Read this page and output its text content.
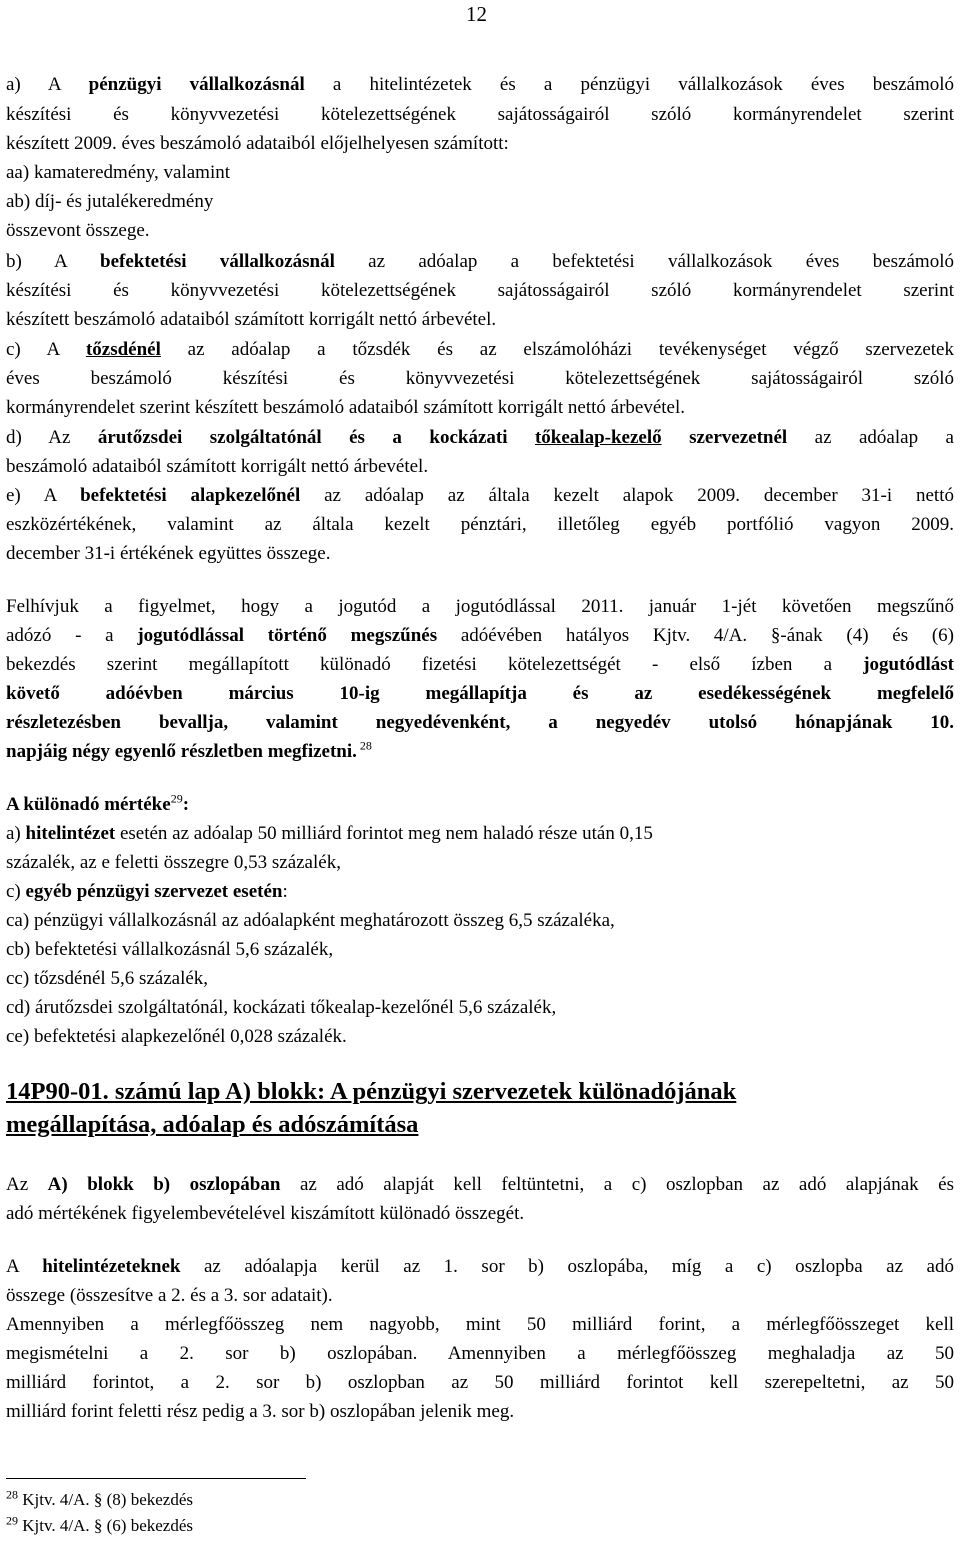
12
a) A pénzügyi vállalkozásnál a hitelintézetek és a pénzügyi vállalkozások éves beszámoló
készítési és könyvvezetési kötelezettségének sajátosságairól szóló kormányrendelet szerint
készített 2009. éves beszámoló adataiból előjelhelyesen számított:
aa) kamateredmény, valamint
ab) díj- és jutalékeredmény
összevont összege.
b) A befektetési vállalkozásnál az adóalap a befektetési vállalkozások éves beszámoló
készítési és könyvvezetési kötelezettségének sajátosságairól szóló kormányrendelet szerint
készített beszámoló adataiból számított korrigált nettó árbevétel.
c) A tőzsdénél az adóalap a tőzsdék és az elszámolóházi tevékenységet végző szervezetek
éves beszámoló készítési és könyvvezetési kötelezettségének sajátosságairól szóló
kormányrendelet szerint készített beszámoló adataiból számított korrigált nettó árbevétel.
d) Az árutőzsdei szolgáltatónál és a kockázati tőkealap-kezelő szervezetnél az adóalap a
beszámoló adataiból számított korrigált nettó árbevétel.
e) A befektetési alapkezelőnél az adóalap az általa kezelt alapok 2009. december 31-i nettó
eszközértékének, valamint az általa kezelt pénztári, illetőleg egyéb portfólió vagyon 2009.
december 31-i értékének együttes összege.
Felhívjuk a figyelmet, hogy a jogutód a jogutódlással 2011. január 1-jét követően megszűnő
adózó - a jogutódlással történő megszűnés adóévében hatályos Kjtv. 4/A. §-ának (4) és (6)
bekezdés szerint megállapított különadó fizetési kötelezettségét - első ízben a jogutódlást
követő adóévben március 10-ig megállapítja és az esedékességének megfelelő
részletezésben bevallja, valamint negyedévenként, a negyedév utolsó hónapjának 10.
napjáig négy egyenlő részletben megfizetni. $^{28}$
A különadó mértéke$^{29}$:
a) hitelintézet esetén az adóalap 50 milliárd forintot meg nem haladó része után 0,15
százalék, az e feletti összegre 0,53 százalék,
c) egyéb pénzügyi szervezet esetén:
ca) pénzügyi vállalkozásnál az adóalapként meghatározott összeg 6,5 százaléka,
cb) befektetési vállalkozásnál 5,6 százalék,
cc) tőzsdénél 5,6 százalék,
cd) árutőzsdei szolgáltatónál, kockázati tőkealap-kezelőnél 5,6 százalék,
ce) befektetési alapkezelőnél 0,028 százalék.
Az A) blokk b) oszlopában az adó alapját kell feltüntetni, a c) oszlopban az adó alapjának és
adó mértékének figyelembevételével kiszámított különadó összegét.
A hitelintézeteknek az adóalapja kerül az 1. sor b) oszlopába, míg a c) oszlopba az adó
összege (összesítve a 2. és a 3. sor adatait).
Amennyiben a mérlegfőösszeg nem nagyobb, mint 50 milliárd forint, a mérlegfőösszeget kell
megismételni a 2. sor b) oszlopában. Amennyiben a mérlegfőösszeg meghaladja az 50
milliárd forintot, a 2. sor b) oszlopban az 50 milliárd forintot kell szerepeltetni, az 50
milliárd forint feletti rész pedig a 3. sor b) oszlopában jelenik meg.
14P90-01. számú lap A) blokk: A pénzügyi szervezetek különadójának
megállapítása, adóalap és adószámítása
$^{28}$ Kjtv. 4/A. § (8) bekezdés
$^{29}$ Kjtv. 4/A. § (6) bekezdés
